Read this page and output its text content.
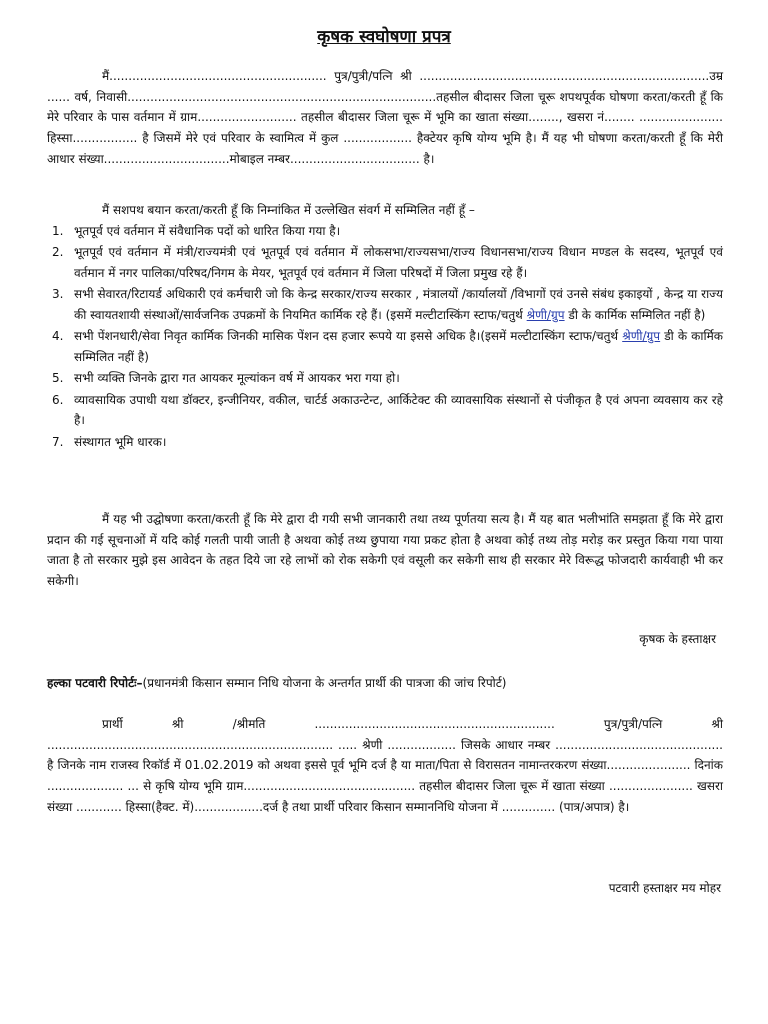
कृषक स्वघोषणा प्रपत्र

मैं......................................................... पुत्र/पुत्री/पत्नि श्री ............................................................................उम्र ...... वर्ष, निवासी.................................................................................तहसील बीदासर जिला चूरू शपथपूर्वक घोषणा करता/करती हूँ कि मेरे परिवार के पास वर्तमान में ग्राम.......................... तहसील बीदासर जिला चूरू में भूमि का खाता संख्या........, खसरा नं........ ...................... हिस्सा................. है जिसमें मेरे एवं परिवार के स्वामित्व में कुल .................. हैक्टेयर कृषि योग्य भूमि है। मैं यह भी घोषणा करता/करती हूँ कि मेरी आधार संख्या.................................मोबाइल नम्बर.................................. है।

मैं सशपथ बयान करता/करती हूँ कि निम्नांकित में उल्लेखित संवर्ग में सम्मिलित नहीं हूँ –

1. भूतपूर्व एवं वर्तमान में संवैधानिक पदों को धारित किया गया है।
2. भूतपूर्व एवं वर्तमान में मंत्री/राज्यमंत्री एवं भूतपूर्व एवं वर्तमान में लोकसभा/राज्यसभा/राज्य विधानसभा/राज्य विधान मण्डल के सदस्य, भूतपूर्व एवं वर्तमान में नगर पालिका/परिषद/निगम के मेयर, भूतपूर्व एवं वर्तमान में जिला परिषदों में जिला प्रमुख रहे हैं।
3. सभी सेवारत/रिटायर्ड अधिकारी एवं कर्मचारी जो कि केन्द्र सरकार/राज्य सरकार , मंत्रालयों /कार्यालयों /विभागों एवं उनसे संबंध इकाइयों , केन्द्र या राज्य की स्वायतशायी संस्थाओं/सार्वजनिक उपक्रमों के नियमित कार्मिक रहे हैं। (इसमें मल्टीटास्किंग स्टाफ/चतुर्थ श्रेणी/ग्रुप डी के कार्मिक सम्मिलित नहीं है)
4. सभी पेंशनधारी/सेवा निवृत कार्मिक जिनकी मासिक पेंशन दस हजार रूपये या इससे अधिक है।(इसमें मल्टीटास्किंग स्टाफ/चतुर्थ श्रेणी/ग्रुप डी के कार्मिक सम्मिलित नहीं है)
5. सभी व्यक्ति जिनके द्वारा गत आयकर मूल्यांकन वर्ष में आयकर भरा गया हो।
6. व्यावसायिक उपाधी यथा डॉक्टर, इन्जीनियर, वकील, चार्टर्ड अकाउन्टेन्ट, आर्किटेक्ट की व्यावसायिक संस्थानों से पंजीकृत है एवं अपना व्यवसाय कर रहे है।
7. संस्थागत भूमि धारक।

मैं यह भी उद्घोषणा करता/करती हूँ कि मेरे द्वारा दी गयी सभी जानकारी तथा तथ्य पूर्णतया सत्य है। मैं यह बात भलीभांति समझता हूँ कि मेरे द्वारा प्रदान की गई सूचनाओं में यदि कोई गलती पायी जाती है अथवा कोई तथ्य छुपाया गया प्रकट होता है अथवा कोई तथ्य तोड़ मरोड़ कर प्रस्तुत किया गया पाया जाता है तो सरकार मुझे इस आवेदन के तहत दिये जा रहे लाभों को रोक सकेगी एवं वसूली कर सकेगी साथ ही सरकार मेरे विरूद्ध फोजदारी कार्यवाही भी कर सकेगी।

कृषक के हस्ताक्षर
हल्का पटवारी रिपोर्टः–(प्रधानमंत्री किसान सम्मान निधि योजना के अन्तर्गत प्रार्थी की पात्रजा की जांच रिपोर्ट)

प्रार्थी श्री /श्रीमति ............................................................... पुत्र/पुत्री/पत्नि श्री ........................................................................... ..... श्रेणी .................. जिसके आधार नम्बर ............................................ है जिनके नाम राजस्व रिकॉर्ड में 01.02.2019 को अथवा इससे पूर्व भूमि दर्ज है या माता/पिता से विरासतन नामान्तरकरण संख्या...................... दिनांक .................... ... से कृषि योग्य भूमि ग्राम............................................. तहसील बीदासर जिला चूरू में खाता संख्या ...................... खसरा संख्या ............ हिस्सा(हैक्ट. में)..................दर्ज है तथा प्रार्थी परिवार किसान सम्माननिधि योजना में .............. (पात्र/अपात्र) है।

पटवारी हस्ताक्षर मय मोहर
